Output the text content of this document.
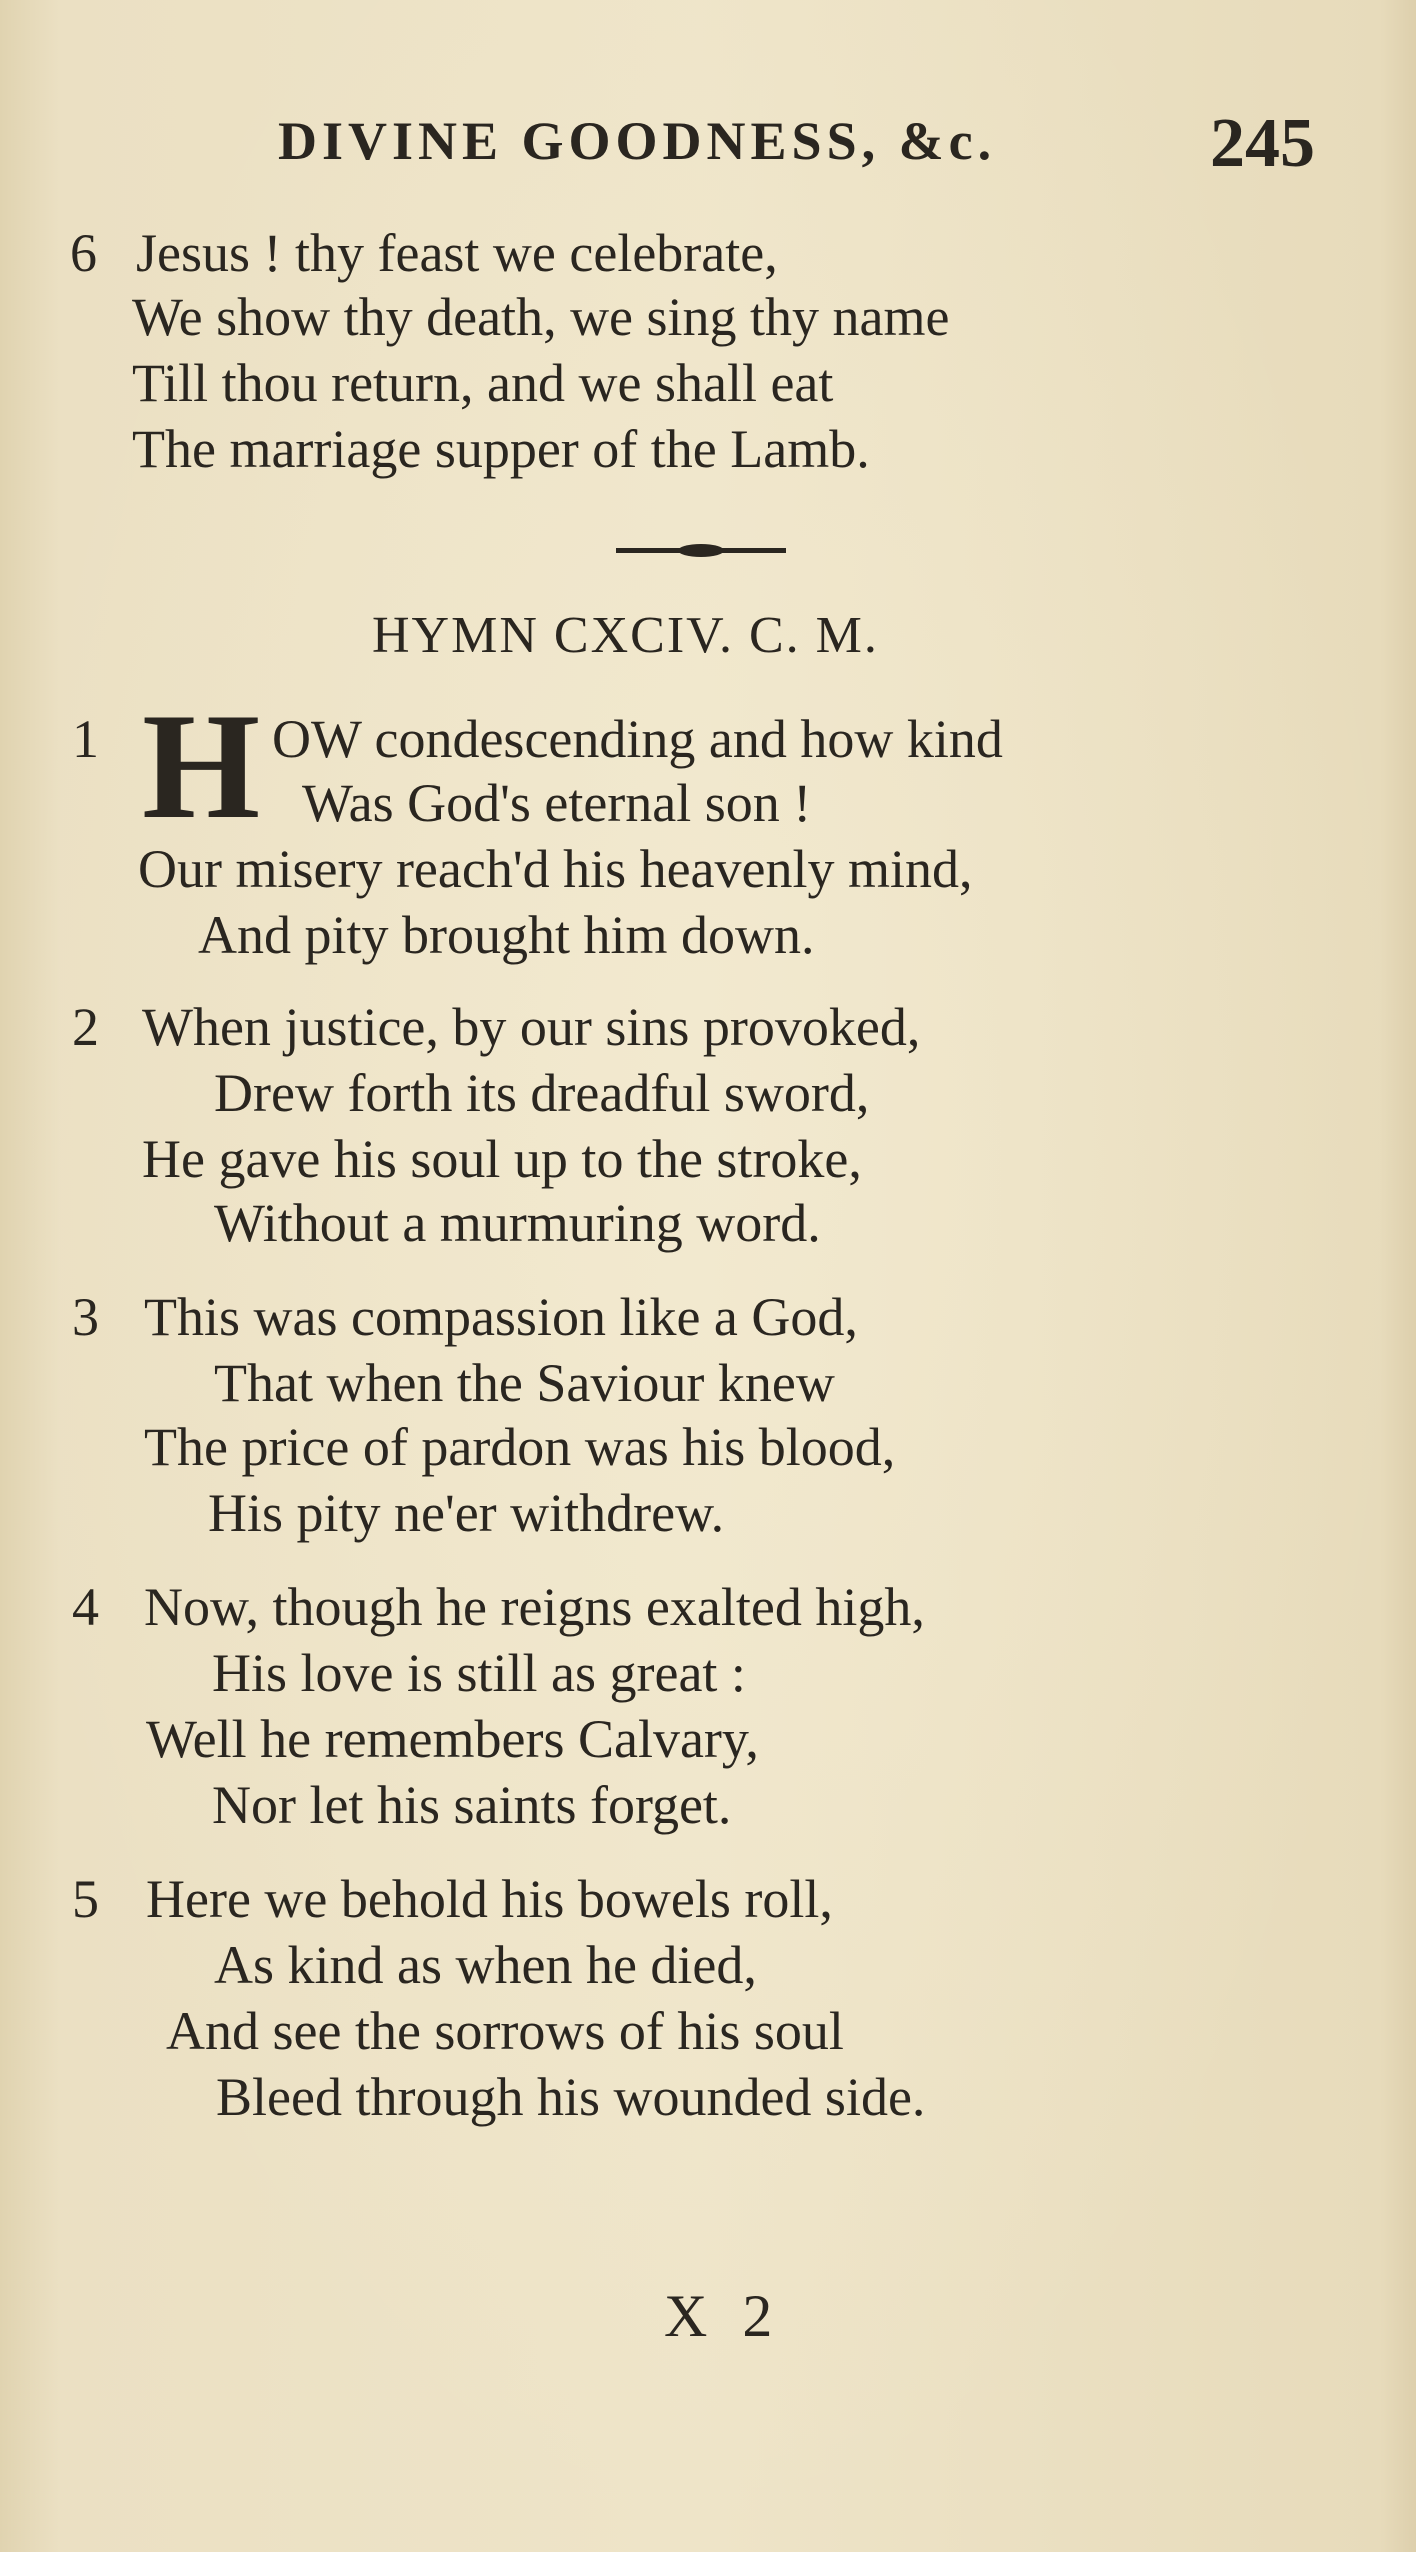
DIVINE GOODNESS, &c.	245
6 Jesus ! thy feast we celebrate,
We show thy death, we sing thy name
Till thou return, and we shall eat
The marriage supper of the Lamb.
HYMN CXCIV. C. M.
1 H OW condescending and how kind
Was God's eternal son !
Our misery reach'd his heavenly mind,
And pity brought him down.
2 When justice, by our sins provoked,
Drew forth its dreadful sword,
He gave his soul up to the stroke,
Without a murmuring word.
3 This was compassion like a God,
That when the Saviour knew
The price of pardon was his blood,
His pity ne'er withdrew.
4 Now, though he reigns exalted high,
His love is still as great :
Well he remembers Calvary,
Nor let his saints forget.
5 Here we behold his bowels roll,
As kind as when he died,
And see the sorrows of his soul
Bleed through his wounded side.
X 2
